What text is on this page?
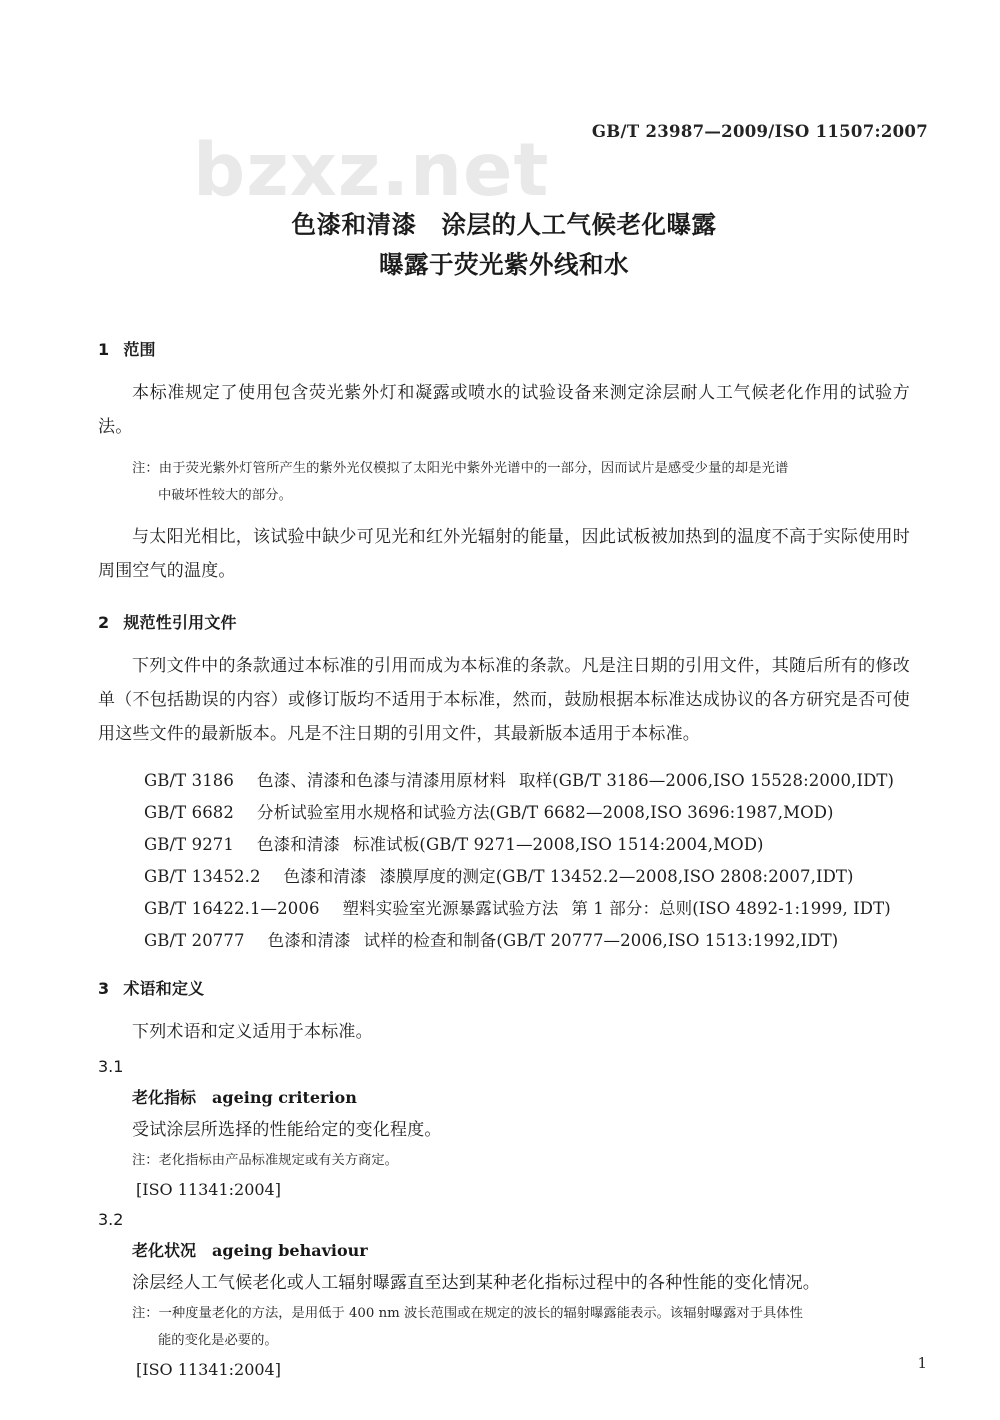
bzxz.net	GB/T 23987—2009/ISO 11507:2007
色漆和清漆　涂层的人工气候老化曝露
曝露于荧光紫外线和水
1 范围

本标准规定了使用包含荧光紫外灯和凝露或喷水的试验设备来测定涂层耐人工气候老化作用的试验方法。

注：由于荧光紫外灯管所产生的紫外光仅模拟了太阳光中紫外光谱中的一部分，因而试片是感受少量的却是光谱
中破坏性较大的部分。

与太阳光相比，该试验中缺少可见光和红外光辐射的能量，因此试板被加热到的温度不高于实际使用时周围空气的温度。

2 规范性引用文件

下列文件中的条款通过本标准的引用而成为本标准的条款。凡是注日期的引用文件，其随后所有的修改单（不包括勘误的内容）或修订版均不适用于本标准，然而，鼓励根据本标准达成协议的各方研究是否可使用这些文件的最新版本。凡是不注日期的引用文件，其最新版本适用于本标准。

GB/T 3186 色漆、清漆和色漆与清漆用原材料 取样(GB/T 3186—2006,ISO 15528:2000,IDT)
GB/T 6682 分析试验室用水规格和试验方法(GB/T 6682—2008,ISO 3696:1987,MOD)
GB/T 9271 色漆和清漆 标准试板(GB/T 9271—2008,ISO 1514:2004,MOD)
GB/T 13452.2 色漆和清漆 漆膜厚度的测定(GB/T 13452.2—2008,ISO 2808:2007,IDT)
GB/T 16422.1—2006 塑料实验室光源暴露试验方法 第 1 部分：总则(ISO 4892-1:1999, IDT)
GB/T 20777 色漆和清漆 试样的检查和制备(GB/T 20777—2006,ISO 1513:1992,IDT)
3 术语和定义

下列术语和定义适用于本标准。

3.1

老化指标 ageing criterion

受试涂层所选择的性能给定的变化程度。

注：老化指标由产品标准规定或有关方商定。

[ISO 11341:2004]

3.2

老化状况 ageing behaviour

涂层经人工气候老化或人工辐射曝露直至达到某种老化指标过程中的各种性能的变化情况。

注：一种度量老化的方法，是用低于 400 nm 波长范围或在规定的波长的辐射曝露能表示。该辐射曝露对于具体性
能的变化是必要的。

[ISO 11341:2004]	1
